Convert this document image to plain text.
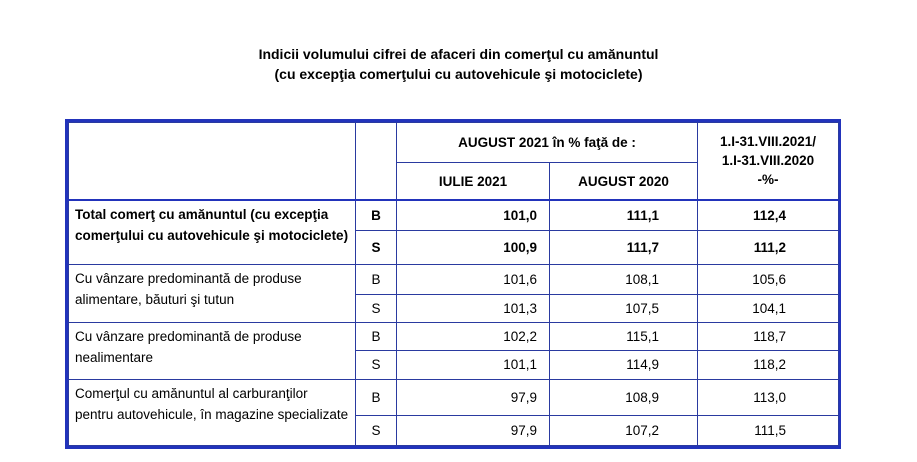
Indicii volumului cifrei de afaceri din comerţul cu amănuntul
(cu excepţia comerţului cu autovehicule şi motociclete)
		AUGUST 2021 în % faţă de :		1.I-31.VIII.2021/
1.I-31.VIII.2020
-%-

		IULIE 2021	AUGUST 2020	
Total comerţ cu amănuntul (cu excepţia comerţului cu autovehicule şi motociclete)	B	101,0	111,1	112,4
	S	100,9	111,7	111,2
Cu vânzare predominantă de produse alimentare, băuturi şi tutun	B	101,6	108,1	105,6
	S	101,3	107,5	104,1
Cu vânzare predominantă de produse nealimentare	B	102,2	115,1	118,7
	S	101,1	114,9	118,2
Comerţul cu amănuntul al carburanţilor pentru autovehicule, în magazine specializate	B	97,9	108,9	113,0
	S	97,9	107,2	111,5
